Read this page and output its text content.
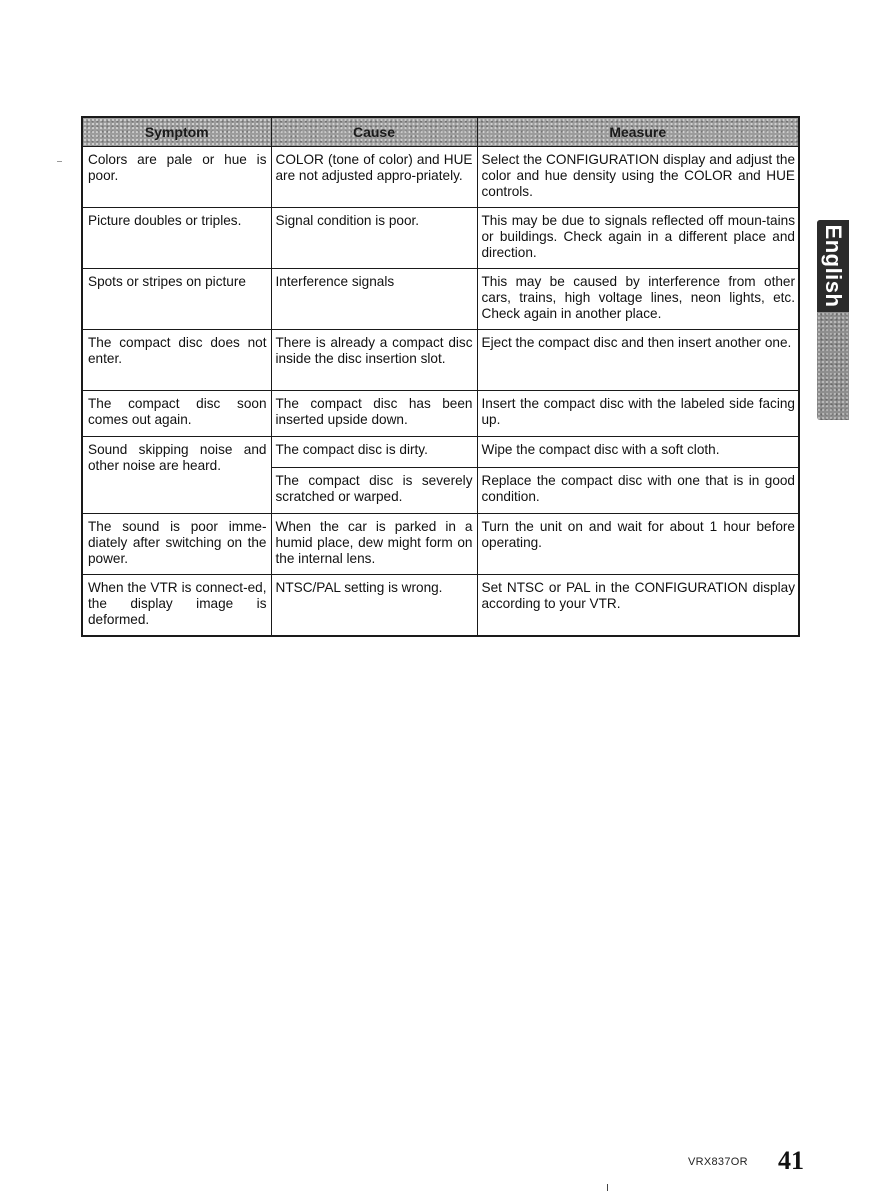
Symptom	Cause	Measure
Colors are pale or hue is poor.	COLOR (tone of color) and HUE are not adjusted appro-priately.	Select the CONFIGURATION display and adjust the color and hue density using the COLOR and HUE controls.
Picture doubles or triples.	Signal condition is poor.	This may be due to signals reflected off moun-tains or buildings. Check again in a different place and direction.
Spots or stripes on picture	Interference signals	This may be caused by interference from other cars, trains, high voltage lines, neon lights, etc. Check again in another place.
The compact disc does not enter.	There is already a compact disc inside the disc insertion slot.	Eject the compact disc and then insert another one.
The compact disc soon comes out again.	The compact disc has been inserted upside down.	Insert the compact disc with the labeled side facing up.
Sound skipping noise and other noise are heard.	The compact disc is dirty.	Wipe the compact disc with a soft cloth.
	The compact disc is severely scratched or warped.	Replace the compact disc with one that is in good condition.
The sound is poor imme-diately after switching on the power.	When the car is parked in a humid place, dew might form on the internal lens.	Turn the unit on and wait for about 1 hour before operating.
When the VTR is connect-ed, the display image is deformed.	NTSC/PAL setting is wrong.	Set NTSC or PAL in the CONFIGURATION display according to your VTR.
English
VRX837OR 41
